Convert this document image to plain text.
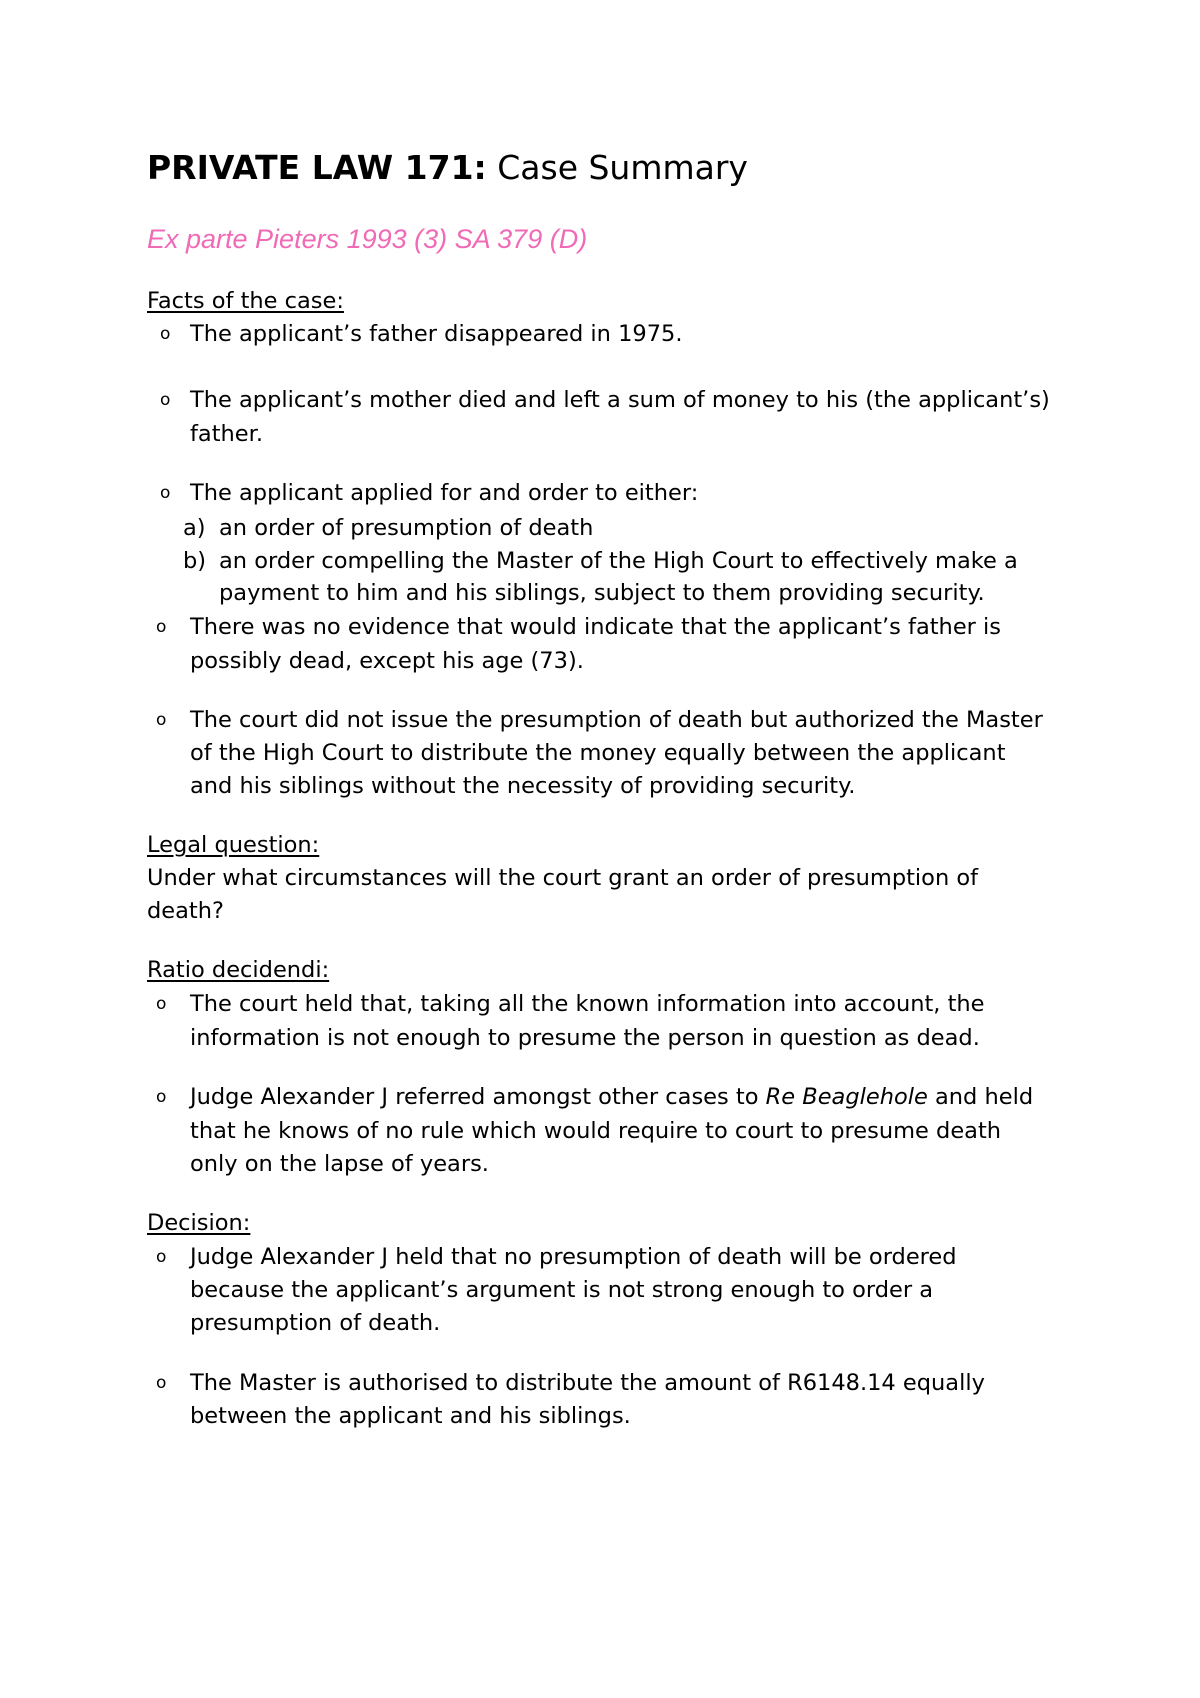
PRIVATE LAW 171: Case Summary
Ex parte Pieters 1993 (3) SA 379 (D)
Facts of the case:
o The applicant’s father disappeared in 1975.
o The applicant’s mother died and left a sum of money to his (the applicant’s)
father.
o The applicant applied for and order to either:
a) an order of presumption of death
b) an order compelling the Master of the High Court to effectively make a
payment to him and his siblings, subject to them providing security.
o There was no evidence that would indicate that the applicant’s father is
possibly dead, except his age (73).
o The court did not issue the presumption of death but authorized the Master
of the High Court to distribute the money equally between the applicant
and his siblings without the necessity of providing security.
Legal question:
Under what circumstances will the court grant an order of presumption of
death?
Ratio decidendi:
o The court held that, taking all the known information into account, the
information is not enough to presume the person in question as dead.
o Judge Alexander J referred amongst other cases to Re Beaglehole and held
that he knows of no rule which would require to court to presume death
only on the lapse of years.
Decision:
o Judge Alexander J held that no presumption of death will be ordered
because the applicant’s argument is not strong enough to order a
presumption of death.
o The Master is authorised to distribute the amount of R6148.14 equally
between the applicant and his siblings.
